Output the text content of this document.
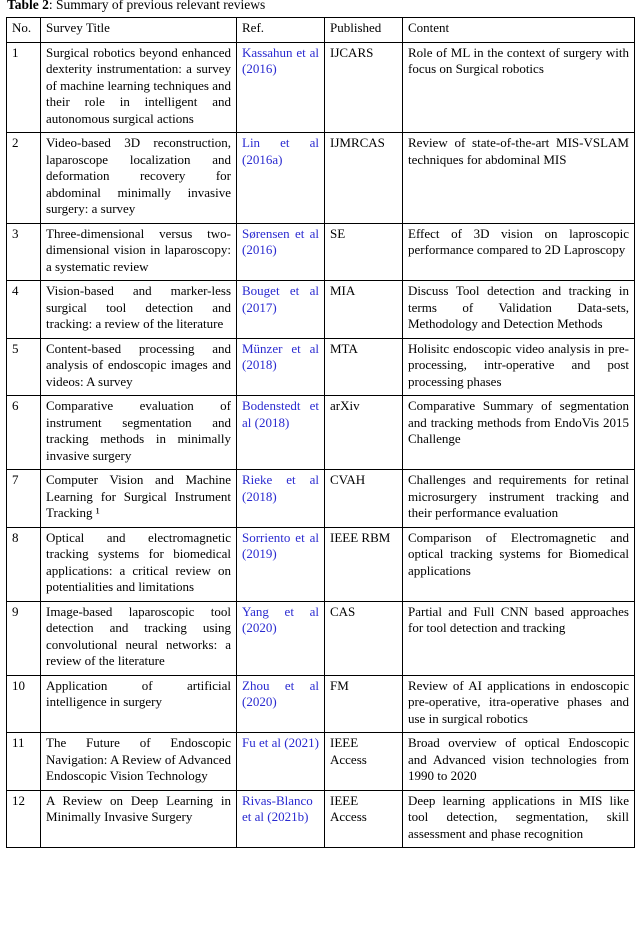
Table 2: Summary of previous relevant reviews
No.	Survey Title	Ref.	Published	Content
1	Surgical robotics beyond enhanced dexterity instrumentation: a survey of machine learning techniques and their role in intelligent and autonomous surgical actions	Kassahun et al (2016)	IJCARS	Role of ML in the context of surgery with focus on Surgical robotics
2	Video-based 3D reconstruction, laparoscope localization and deformation recovery for abdominal minimally invasive surgery: a survey	Lin et al (2016a)	IJMRCAS	Review of state-of-the-art MIS-VSLAM techniques for abdominal MIS
3	Three-dimensional versus two-dimensional vision in laparoscopy: a systematic review	Sørensen et al (2016)	SE	Effect of 3D vision on laproscopic performance compared to 2D Laproscopy
4	Vision-based and marker-less surgical tool detection and tracking: a review of the literature	Bouget et al (2017)	MIA	Discuss Tool detection and tracking in terms of Validation Data-sets, Methodology and Detection Methods
5	Content-based processing and analysis of endoscopic images and videos: A survey	Münzer et al (2018)	MTA	Holisitc endoscopic video analysis in pre-processing, intr-operative and post processing phases
6	Comparative evaluation of instrument segmentation and tracking methods in minimally invasive surgery	Bodenstedt et al (2018)	arXiv	Comparative Summary of segmentation and tracking methods from EndoVis 2015 Challenge
7	Computer Vision and Machine Learning for Surgical Instrument Tracking ¹	Rieke et al (2018)	CVAH	Challenges and requirements for retinal microsurgery instrument tracking and their performance evaluation
8	Optical and electromagnetic tracking systems for biomedical applications: a critical review on potentialities and limitations	Sorriento et al (2019)	IEEE RBM	Comparison of Electromagnetic and optical tracking systems for Biomedical applications
9	Image-based laparoscopic tool detection and tracking using convolutional neural networks: a review of the literature	Yang et al (2020)	CAS	Partial and Full CNN based approaches for tool detection and tracking
10	Application of artificial intelligence in surgery	Zhou et al (2020)	FM	Review of AI applications in endoscopic pre-operative, itra-operative phases and use in surgical robotics
11	The Future of Endoscopic Navigation: A Review of Advanced Endoscopic Vision Technology	Fu et al (2021)	IEEE Access	Broad overview of optical Endoscopic and Advanced vision technologies from 1990 to 2020
12	A Review on Deep Learning in Minimally Invasive Surgery	Rivas-Blanco et al (2021b)	IEEE Access	Deep learning applications in MIS like tool detection, segmentation, skill assessment and phase recognition
